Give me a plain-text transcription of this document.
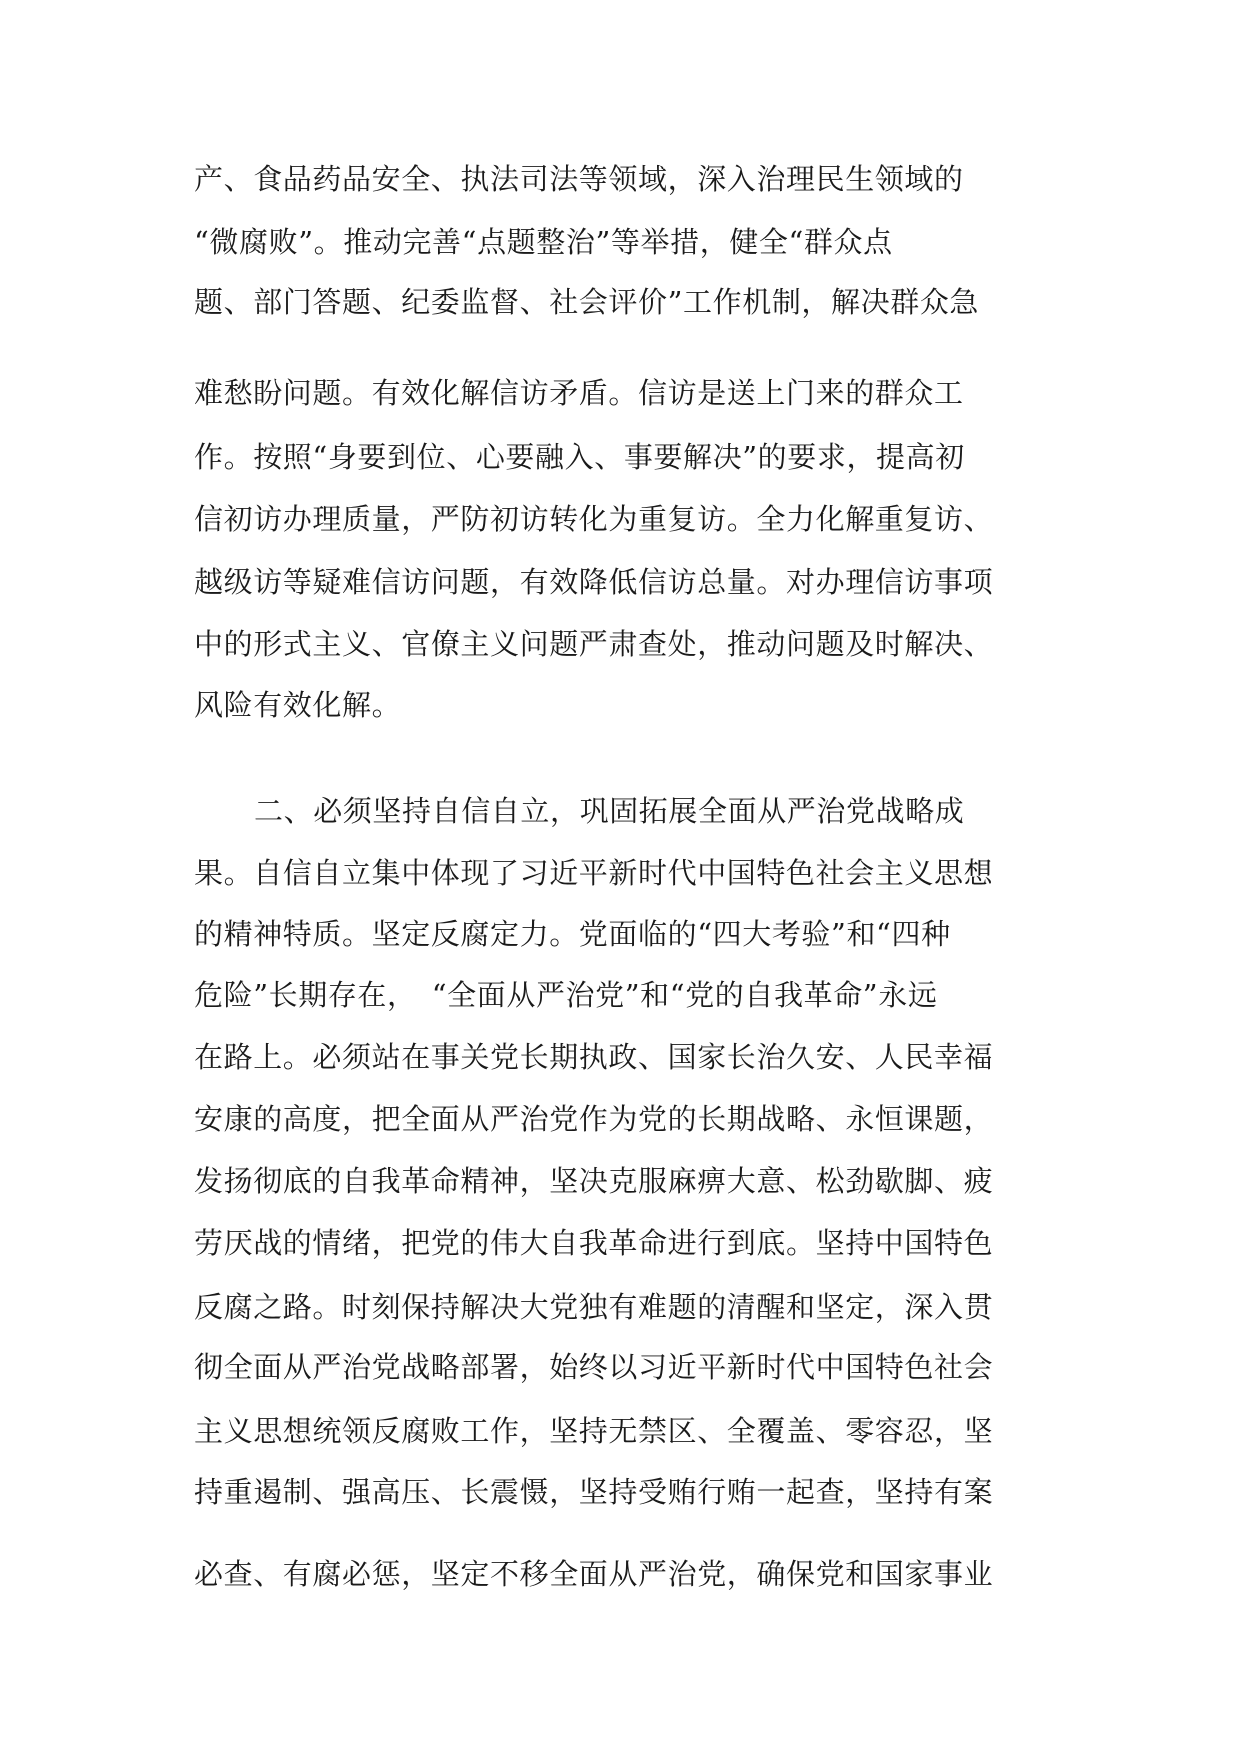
产、食品药品安全、执法司法等领域，深入治理民生领域的
“微腐败”。推动完善“点题整治”等举措，健全“群众点
题、部门答题、纪委监督、社会评价”工作机制，解决群众急
难愁盼问题。有效化解信访矛盾。信访是送上门来的群众工
作。按照“身要到位、心要融入、事要解决”的要求，提高初
信初访办理质量，严防初访转化为重复访。全力化解重复访、
越级访等疑难信访问题，有效降低信访总量。对办理信访事项
中的形式主义、官僚主义问题严肃查处，推动问题及时解决、
风险有效化解。
二、必须坚持自信自立，巩固拓展全面从严治党战略成
果。自信自立集中体现了习近平新时代中国特色社会主义思想
的精神特质。坚定反腐定力。党面临的“四大考验”和“四种
危险”长期存在，　“全面从严治党”和“党的自我革命”永远
在路上。必须站在事关党长期执政、国家长治久安、人民幸福
安康的高度，把全面从严治党作为党的长期战略、永恒课题，
发扬彻底的自我革命精神，坚决克服麻痹大意、松劲歇脚、疲
劳厌战的情绪，把党的伟大自我革命进行到底。坚持中国特色
反腐之路。时刻保持解决大党独有难题的清醒和坚定，深入贯
彻全面从严治党战略部署，始终以习近平新时代中国特色社会
主义思想统领反腐败工作，坚持无禁区、全覆盖、零容忍，坚
持重遏制、强高压、长震慑，坚持受贿行贿一起查，坚持有案
必查、有腐必惩，坚定不移全面从严治党，确保党和国家事业
